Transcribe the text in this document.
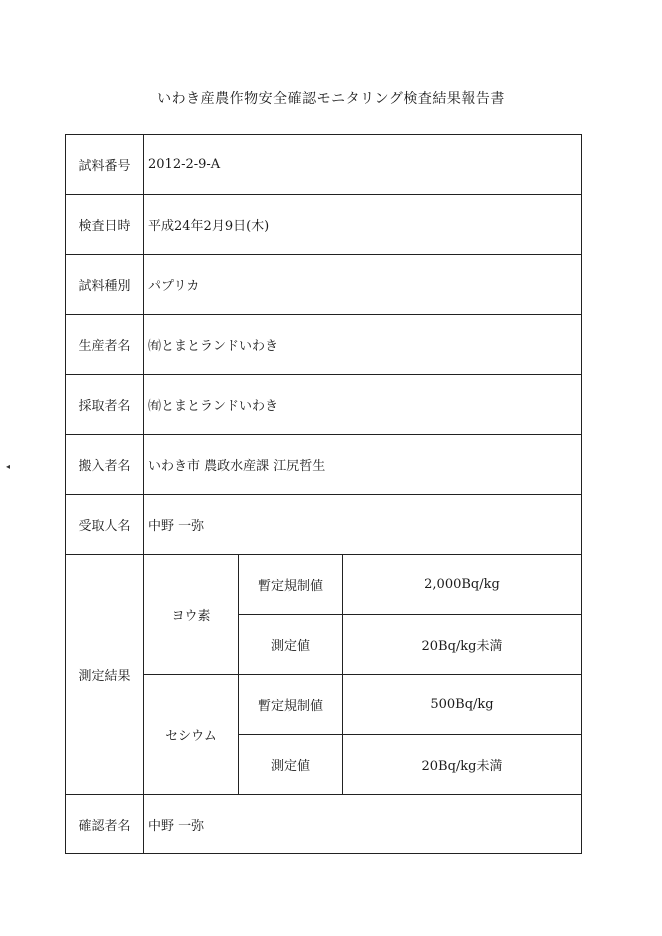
いわき産農作物安全確認モニタリング検査結果報告書
◂
試料番号	2012-2-9-A		
検査日時	平成24年2月9日(木)		
試料種別	パプリカ		
生産者名	㈲とまとランドいわき		
採取者名	㈲とまとランドいわき		
搬入者名	いわき市 農政水産課 江尻哲生		
受取人名	中野 一弥		
測定結果	ヨウ素	暫定規制値	2,000Bq/kg
		測定値	20Bq/kg未満
	セシウム	暫定規制値	500Bq/kg
		測定値	20Bq/kg未満
確認者名	中野 一弥		
